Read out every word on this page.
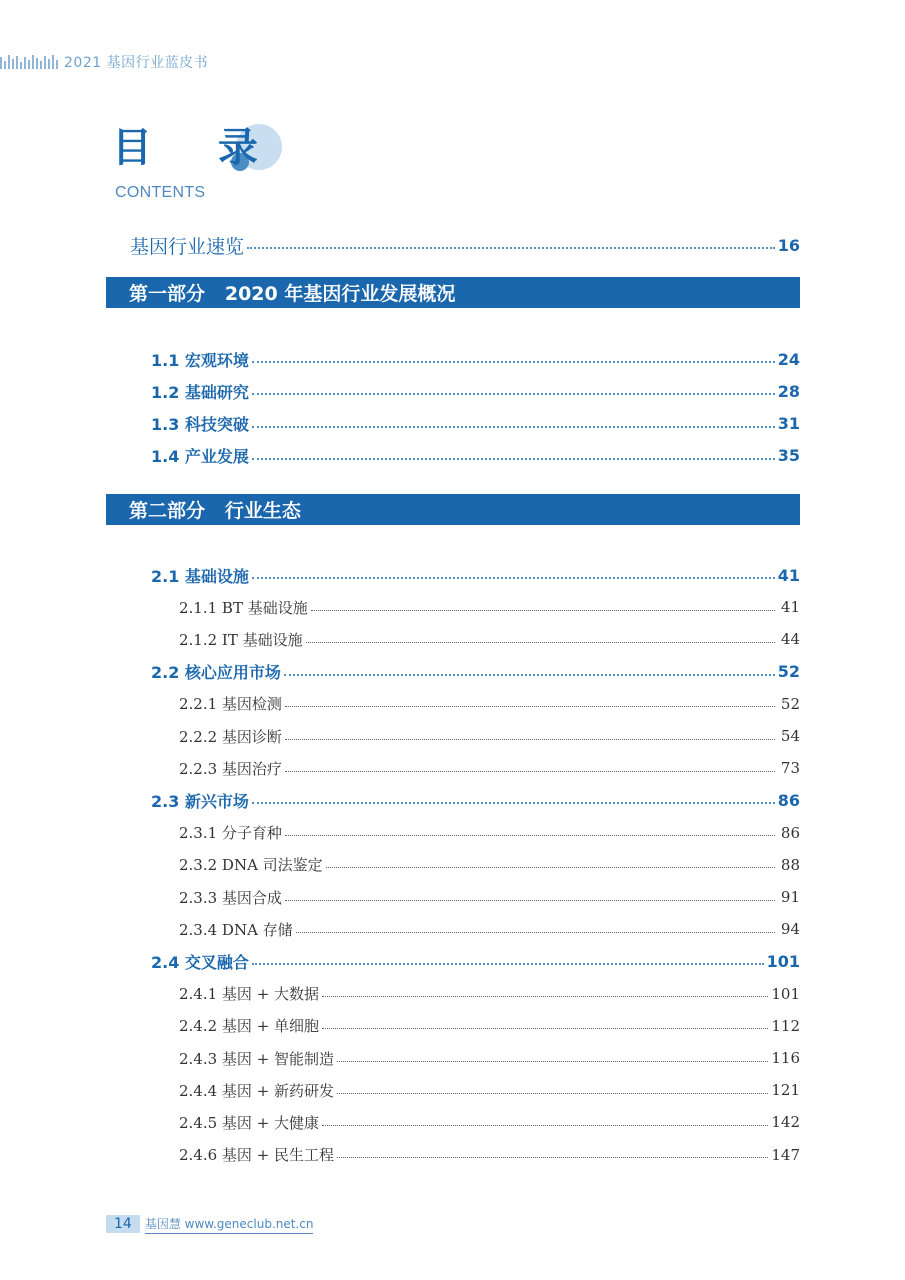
2021 基因行业蓝皮书
目 录
CONTENTS
基因行业速览	16
第一部分   2020 年基因行业发展概况
1.1 宏观环境	24
1.2 基础研究	28
1.3 科技突破	31
1.4 产业发展	35
第二部分   行业生态
2.1 基础设施	41
2.1.1 BT 基础设施	41
2.1.2 IT 基础设施	44
2.2 核心应用市场	52
2.2.1 基因检测	52
2.2.2 基因诊断	54
2.2.3 基因治疗	73
2.3 新兴市场	86
2.3.1 分子育种	86
2.3.2 DNA 司法鉴定	88
2.3.3 基因合成	91
2.3.4 DNA 存储	94
2.4 交叉融合	101
2.4.1 基因 + 大数据	101
2.4.2 基因 + 单细胞	112
2.4.3 基因 + 智能制造	116
2.4.4 基因 + 新药研发	121
2.4.5 基因 + 大健康	142
2.4.6 基因 + 民生工程	147
14	基因慧 www.geneclub.net.cn
